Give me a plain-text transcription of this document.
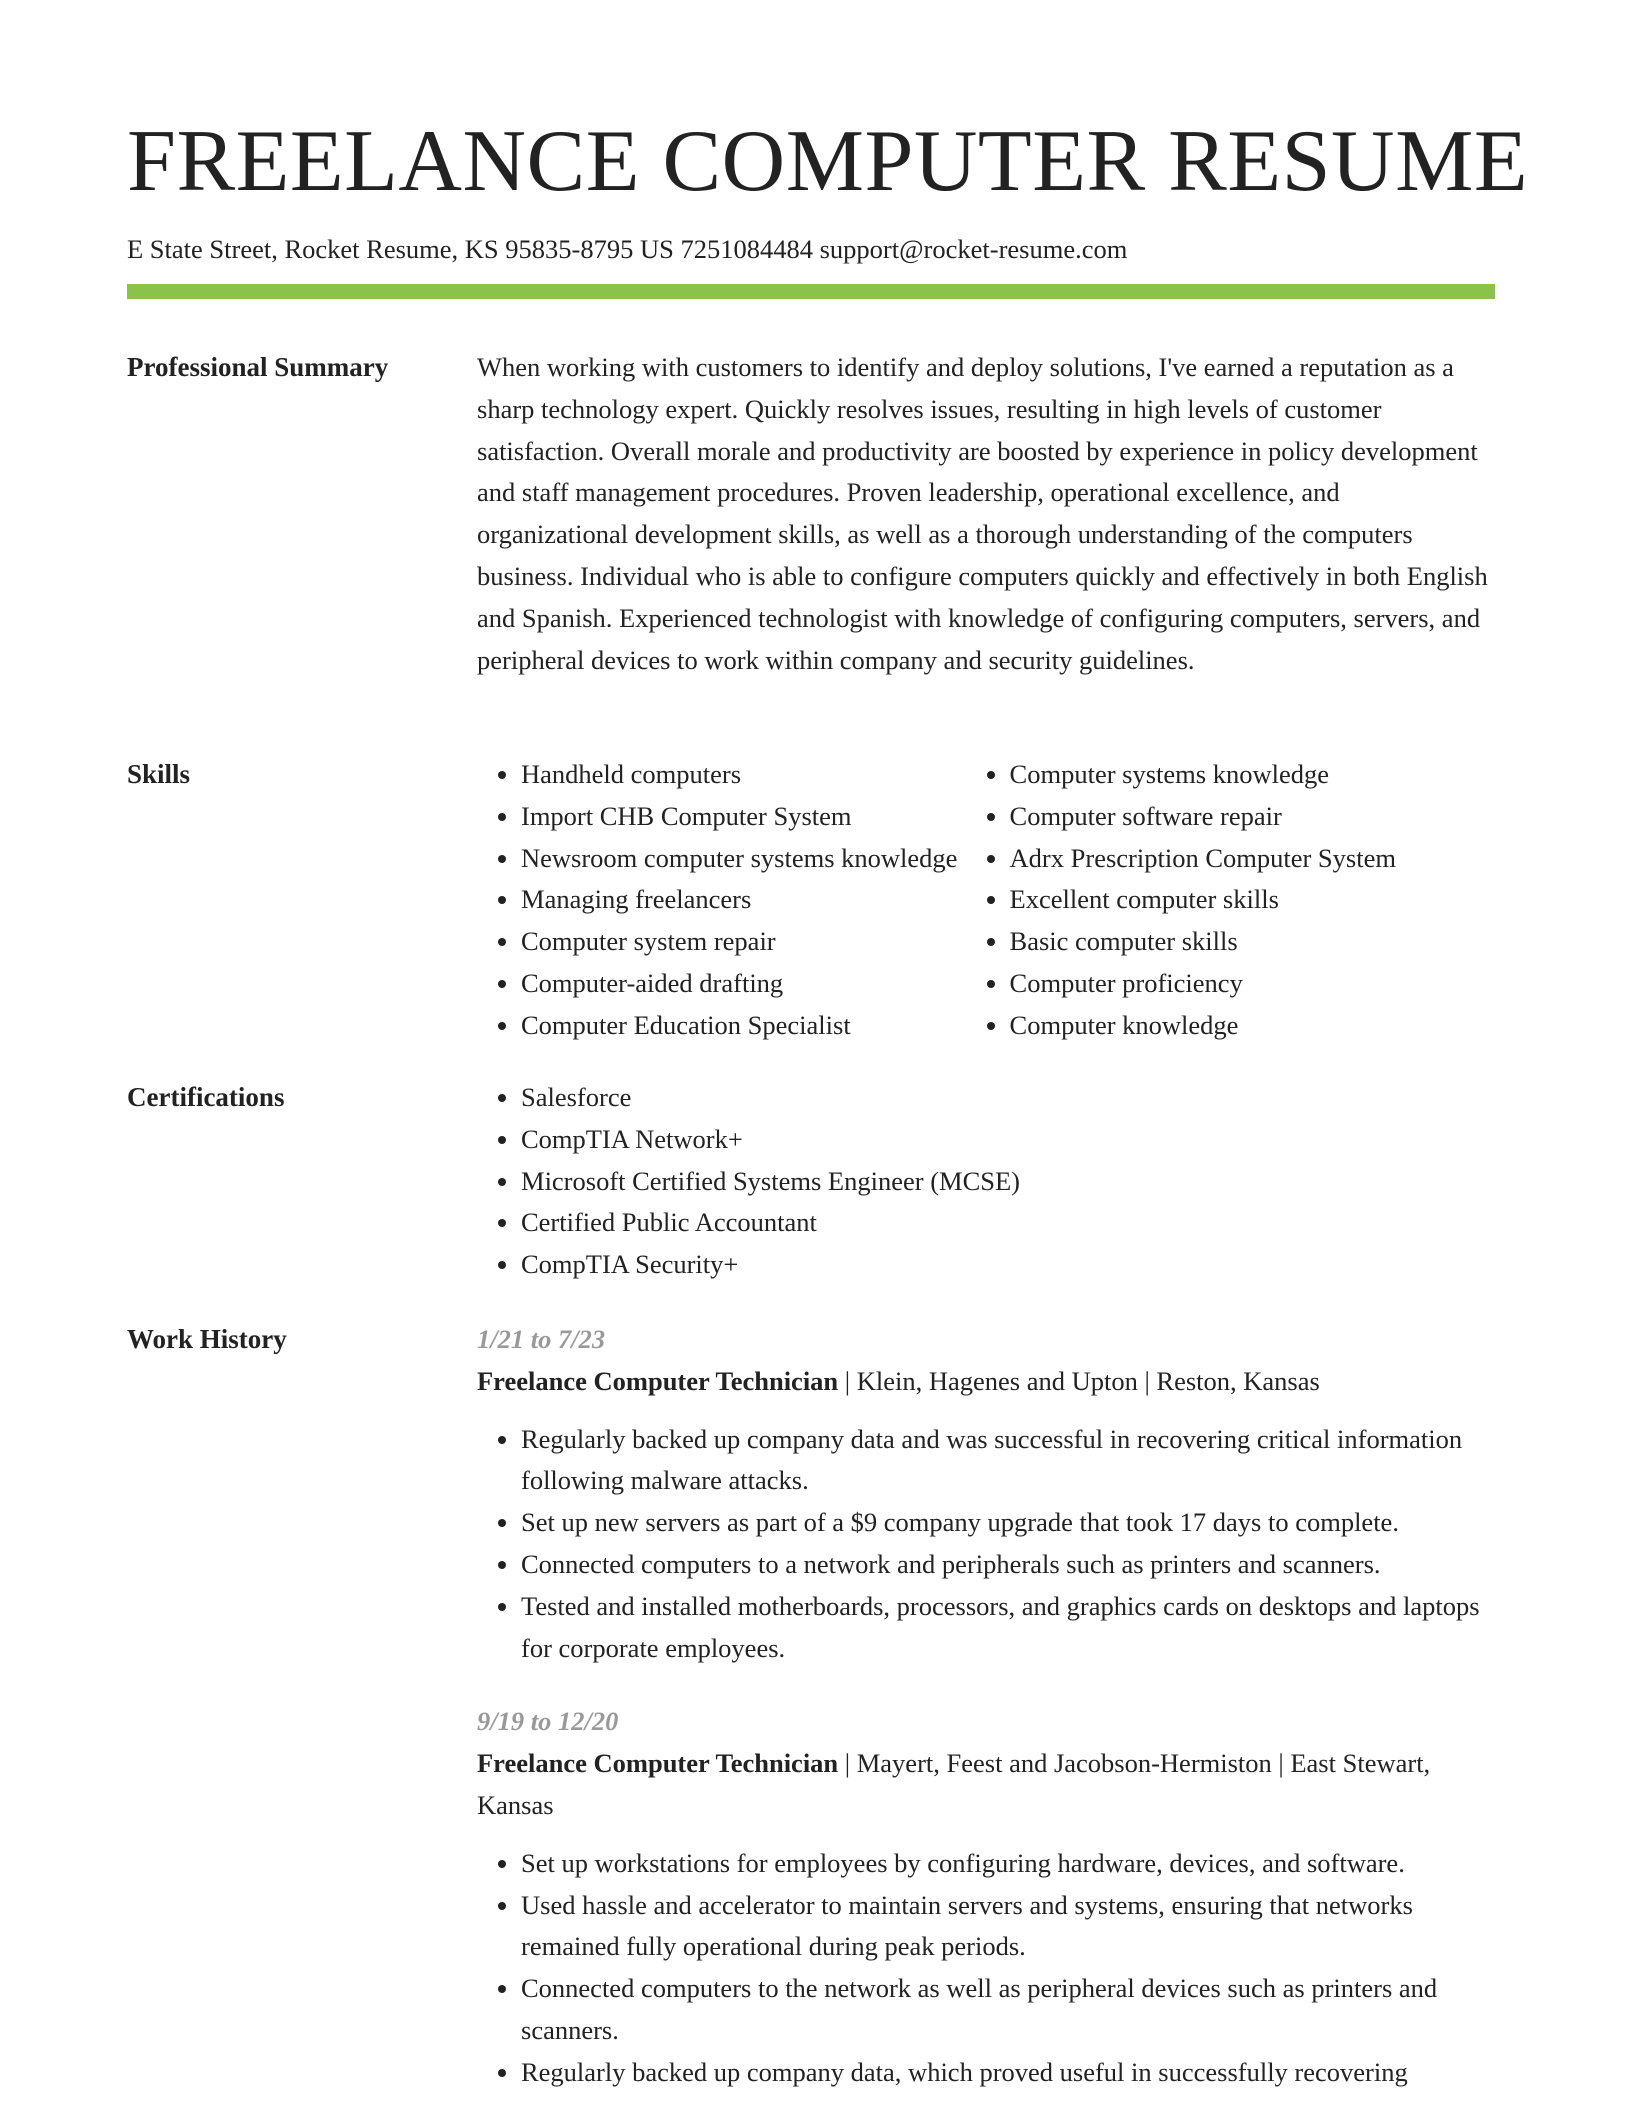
FREELANCE COMPUTER RESUME
E State Street, Rocket Resume, KS 95835-8795 US 7251084484 support@rocket-resume.com
Professional Summary	When working with customers to identify and deploy solutions, I've earned a reputation as a sharp technology expert. Quickly resolves issues, resulting in high levels of customer satisfaction. Overall morale and productivity are boosted by experience in policy development and staff management procedures. Proven leadership, operational excellence, and organizational development skills, as well as a thorough understanding of the computers business. Individual who is able to configure computers quickly and effectively in both English and Spanish. Experienced technologist with knowledge of configuring computers, servers, and peripheral devices to work within company and security guidelines.

Skills	• Handheld computers
• Import CHB Computer System
• Newsroom computer systems knowledge
• Managing freelancers
• Computer system repair
• Computer-aided drafting
• Computer Education Specialist
• Computer systems knowledge
• Computer software repair
• Adrx Prescription Computer System
• Excellent computer skills
• Basic computer skills
• Computer proficiency
• Computer knowledge
Certifications	• Salesforce
• CompTIA Network+
• Microsoft Certified Systems Engineer (MCSE)
• Certified Public Accountant
• CompTIA Security+
Work History	1/21 to 7/23
Freelance Computer Technician | Klein, Hagenes and Upton | Reston, Kansas
• Regularly backed up company data and was successful in recovering critical information following malware attacks.
• Set up new servers as part of a $9 company upgrade that took 17 days to complete.
• Connected computers to a network and peripherals such as printers and scanners.
• Tested and installed motherboards, processors, and graphics cards on desktops and laptops for corporate employees.
9/19 to 12/20
Freelance Computer Technician | Mayert, Feest and Jacobson-Hermiston | East Stewart, Kansas
• Set up workstations for employees by configuring hardware, devices, and software.
• Used hassle and accelerator to maintain servers and systems, ensuring that networks remained fully operational during peak periods.
• Connected computers to the network as well as peripheral devices such as printers and scanners.
• Regularly backed up company data, which proved useful in successfully recovering
